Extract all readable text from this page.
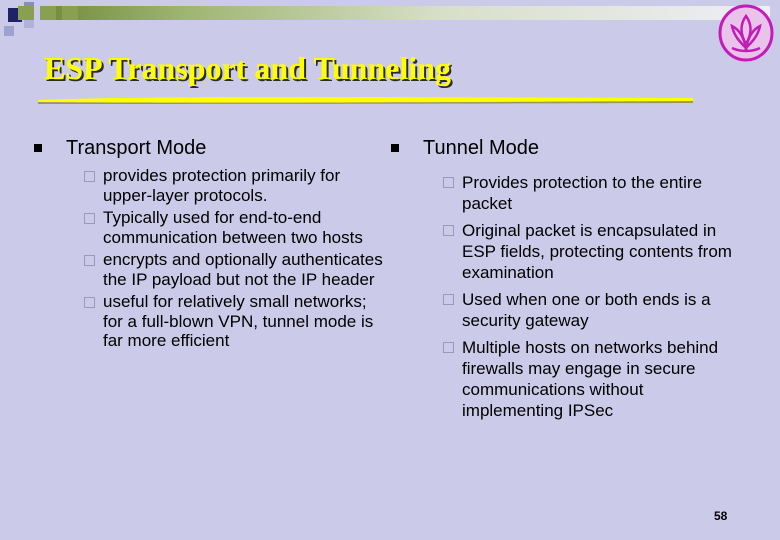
ESP Transport and Tunneling
Transport Mode
provides protection primarily for upper-layer protocols.
Typically used for end-to-end communication between two hosts
encrypts and optionally authenticates the IP payload but not the IP header
useful for relatively small networks; for a full-blown VPN, tunnel mode is far more efficient
Tunnel Mode
Provides protection to the entire packet
Original packet is encapsulated in ESP fields, protecting contents from examination
Used when one or both ends is a security gateway
Multiple hosts on networks behind firewalls may engage in secure communications without implementing IPSec
58
